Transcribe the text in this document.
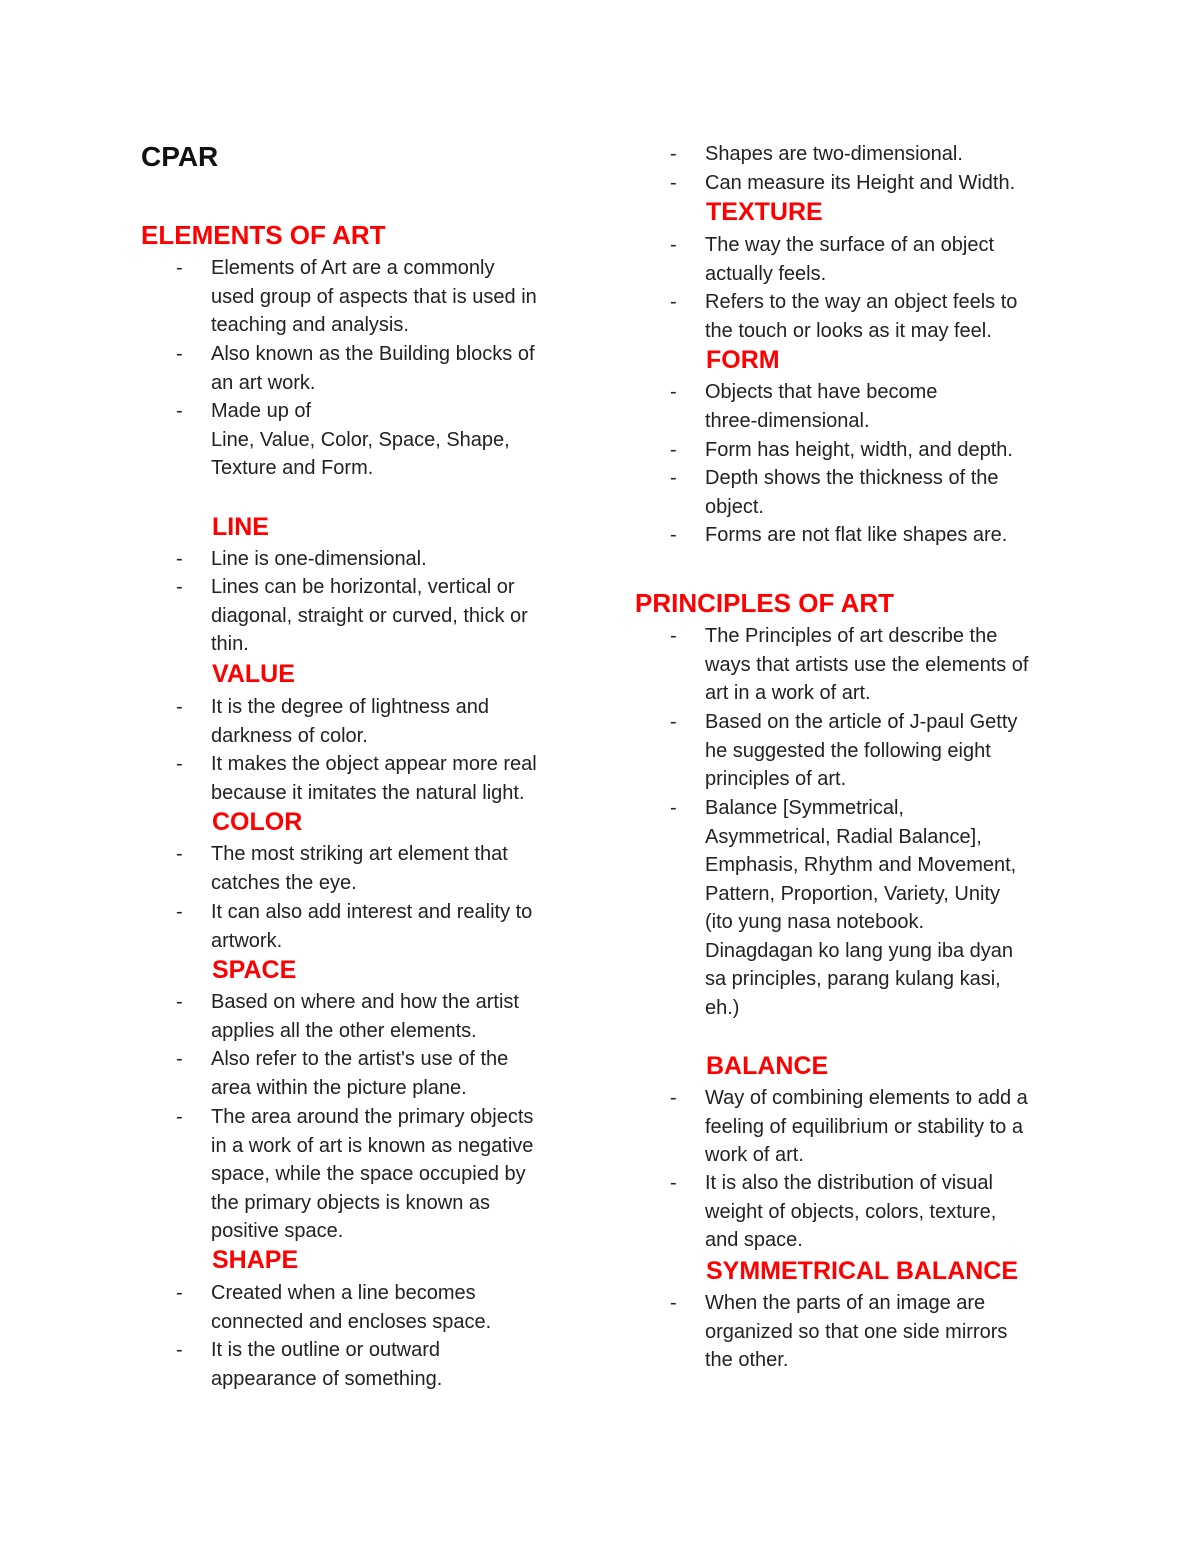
CPAR
ELEMENTS OF ART
- Elements of Art are a commonly
used group of aspects that is used in
teaching and analysis.
- Also known as the Building blocks of
an art work.
- Made up of
Line, Value, Color, Space, Shape,
Texture and Form.
LINE
- Line is one-dimensional.
- Lines can be horizontal, vertical or
diagonal, straight or curved, thick or
thin.
VALUE
- It is the degree of lightness and
darkness of color.
- It makes the object appear more real
because it imitates the natural light.
COLOR
- The most striking art element that
catches the eye.
- It can also add interest and reality to
artwork.
SPACE
- Based on where and how the artist
applies all the other elements.
- Also refer to the artist's use of the
area within the picture plane.
- The area around the primary objects
in a work of art is known as negative
space, while the space occupied by
the primary objects is known as
positive space.
SHAPE
- Created when a line becomes
connected and encloses space.
- It is the outline or outward
appearance of something.
- Shapes are two-dimensional.
- Can measure its Height and Width.
TEXTURE
- The way the surface of an object
actually feels.
- Refers to the way an object feels to
the touch or looks as it may feel.
FORM
- Objects that have become
three-dimensional.
- Form has height, width, and depth.
- Depth shows the thickness of the
object.
- Forms are not flat like shapes are.
PRINCIPLES OF ART
- The Principles of art describe the
ways that artists use the elements of
art in a work of art.
- Based on the article of J-paul Getty
he suggested the following eight
principles of art.
- Balance [Symmetrical,
Asymmetrical, Radial Balance],
Emphasis, Rhythm and Movement,
Pattern, Proportion, Variety, Unity
(ito yung nasa notebook.
Dinagdagan ko lang yung iba dyan
sa principles, parang kulang kasi,
eh.)
BALANCE
- Way of combining elements to add a
feeling of equilibrium or stability to a
work of art.
- It is also the distribution of visual
weight of objects, colors, texture,
and space.
SYMMETRICAL BALANCE
- When the parts of an image are
organized so that one side mirrors
the other.
